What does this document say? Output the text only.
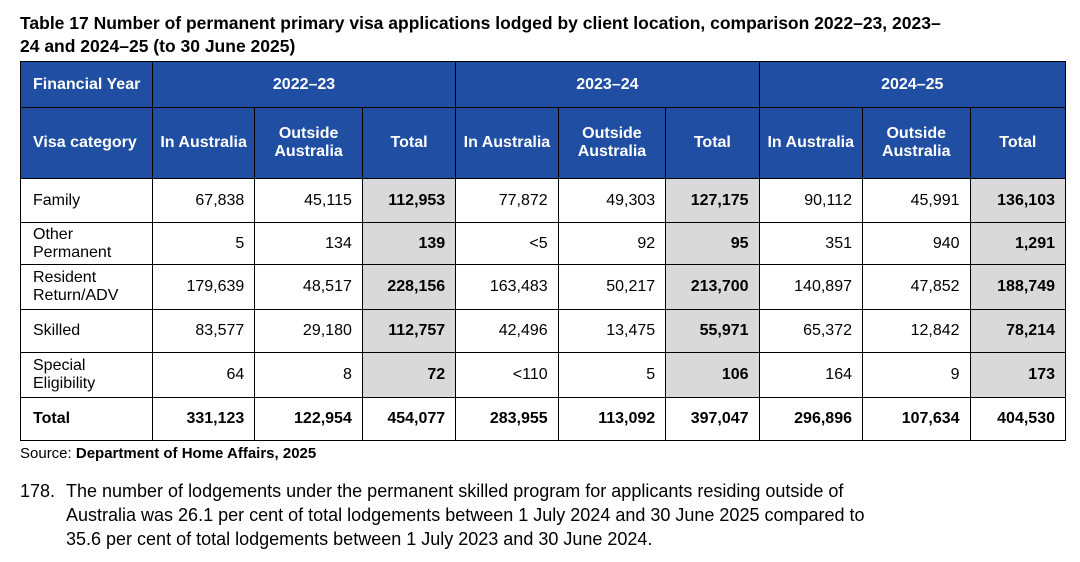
Table 17 Number of permanent primary visa applications lodged by client location, comparison 2022–23, 2023–
24 and 2024–25 (to 30 June 2025)

Financial Year	2022–23			2023–24			2024–25		
Visa category	In Australia	Outside Australia	Total	In Australia	Outside Australia	Total	In Australia	Outside Australia	Total
Family	67,838	45,115	112,953	77,872	49,303	127,175	90,112	45,991	136,103
Other Permanent	5	134	139	<5	92	95	351	940	1,291
Resident Return/ADV	179,639	48,517	228,156	163,483	50,217	213,700	140,897	47,852	188,749
Skilled	83,577	29,180	112,757	42,496	13,475	55,971	65,372	12,842	78,214
Special Eligibility	64	8	72	<110	5	106	164	9	173
Total	331,123	122,954	454,077	283,955	113,092	397,047	296,896	107,634	404,530

Source: Department of Home Affairs, 2025

178. The number of lodgements under the permanent skilled program for applicants residing outside of
Australia was 26.1 per cent of total lodgements between 1 July 2024 and 30 June 2025 compared to
35.6 per cent of total lodgements between 1 July 2023 and 30 June 2024.
